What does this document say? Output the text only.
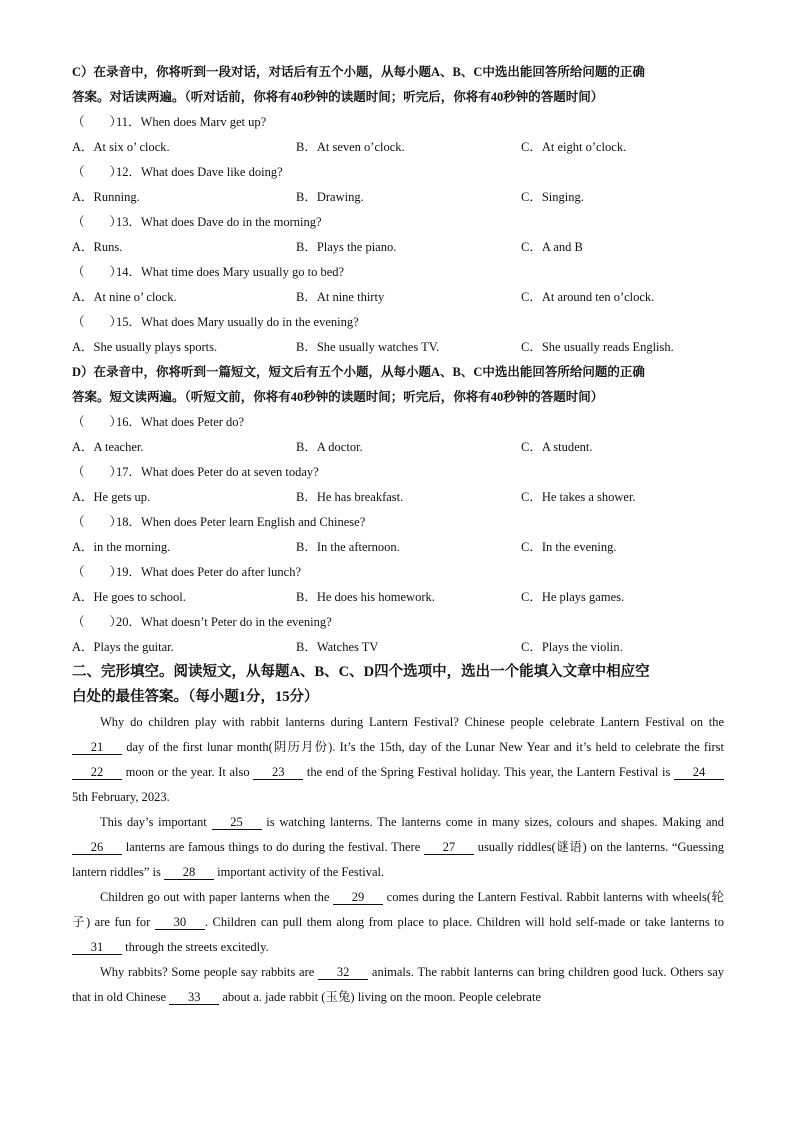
C）在录音中，你将听到一段对话，对话后有五个小题，从每小题A、B、C中选出能回答所给问题的正确
答案。对话读两遍。（听对话前，你将有40秒钟的读题时间；听完后，你将有40秒钟的答题时间）
（　　）11．When does Marv get up?
A．At six o’ clock.	B．At seven o’clock.	C．At eight o’clock.
（　　）12．What does Dave like doing?
A．Running.	B．Drawing.	C．Singing.
（　　）13．What does Dave do in the morning?
A．Runs.	B．Plays the piano.	C．A and B
（　　）14．What time does Mary usually go to bed?
A．At nine o’ clock.	B．At nine thirty	C．At around ten o’clock.
（　　）15．What does Mary usually do in the evening?
A．She usually plays sports.	B．She usually watches TV.	C．She usually reads English.
D）在录音中，你将听到一篇短文，短文后有五个小题，从每小题A、B、C中选出能回答所给问题的正确
答案。短文读两遍。（听短文前，你将有40秒钟的读题时间；听完后，你将有40秒钟的答题时间）
（　　）16．What does Peter do?
A．A teacher.	B．A doctor.	C．A student.
（　　）17．What does Peter do at seven today?
A．He gets up.	B．He has breakfast.	C．He takes a shower.
（　　）18．When does Peter learn English and Chinese?
A．in the morning.	B．In the afternoon.	C．In the evening.
（　　）19．What does Peter do after lunch?
A．He goes to school.	B．He does his homework.	C．He plays games.
（　　）20．What doesn’t Peter do in the evening?
A．Plays the guitar.	B．Watches TV	C．Plays the violin.
二、完形填空。阅读短文，从每题A、B、C、D四个选项中，选出一个能填入文章中相应空
白处的最佳答案。（每小题1分，15分）
Why do children play with rabbit lanterns during Lantern Festival? Chinese people celebrate Lantern Festival on the 21 day of the first lunar month(阴历月份). It’s the 15th, day of the Lunar New Year and it’s held to celebrate the first 22 moon or the year. It also 23 the end of the Spring Festival holiday. This year, the Lantern Festival is 24 5th February, 2023.
This day’s important 25 is watching lanterns. The lanterns come in many sizes, colours and shapes. Making and 26 lanterns are famous things to do during the festival. There 27 usually riddles(谜语) on the lanterns. “Guessing lantern riddles” is 28 important activity of the Festival.
Children go out with paper lanterns when the 29 comes during the Lantern Festival. Rabbit lanterns with wheels(轮子) are fun for 30 . Children can pull them along from place to place. Children will hold self-made or take lanterns to 31 through the streets excitedly.
Why rabbits? Some people say rabbits are 32 animals. The rabbit lanterns can bring children good luck. Others say that in old Chinese 33 about a. jade rabbit (玉兔) living on the moon. People celebrate
